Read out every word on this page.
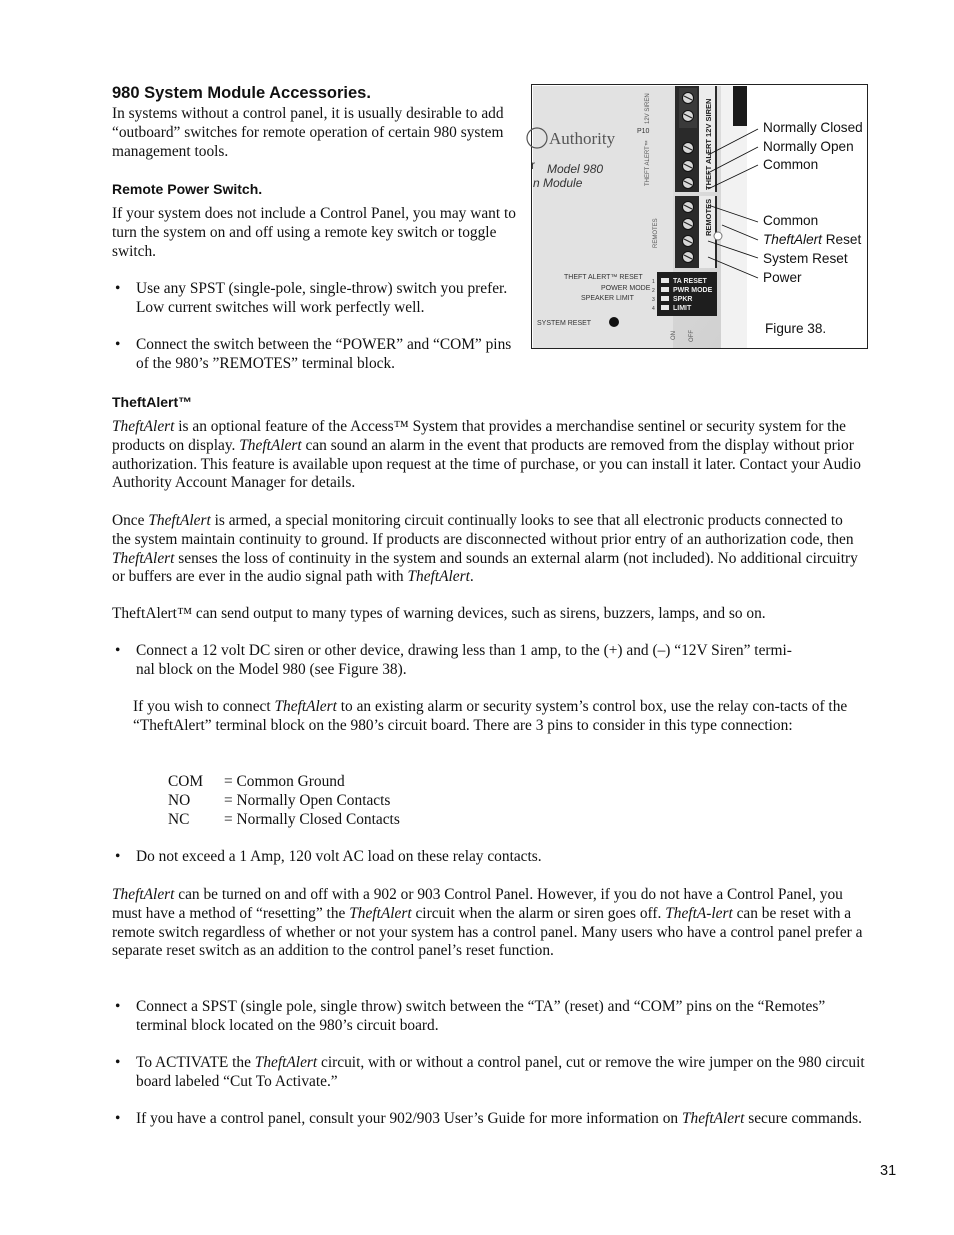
980 System Module Accessories.

In systems without a control panel, it is usually desirable to add “outboard” switches for remote operation of certain 980 system management tools.

Remote Power Switch.

If your system does not include a Control Panel, you may want to turn the system on and off using a remote key switch or toggle switch.

• Use any SPST (single-pole, single-throw) switch you prefer. Low current switches will work perfectly well.

• Connect the switch between the “POWER” and “COM” pins of the 980’s ”REMOTES” terminal block.

Authority
Model 980
n Module
r
12V SIREN
THEFT ALERT™
REMOTES
P10	THEFT ALERT 12V SIREN
REMOTES
TA RESET
PWR MODE
SPKR
LIMIT
1
2
3
4
THEFT ALERT™ RESET
POWER MODE
SPEAKER LIMIT
SYSTEM RESET
ON OFF
Normally Closed
Normally Open
Common
Common
TheftAlert Reset
System Reset
Power
Figure 38.
TheftAlert™

TheftAlert is an optional feature of the Access™ System that provides a merchandise sentinel or security system for the products on display. TheftAlert can sound an alarm in the event that products are removed from the display without prior authorization. This feature is available upon request at the time of purchase, or you can install it later. Contact your Audio Authority Account Manager for details.

Once TheftAlert is armed, a special monitoring circuit continually looks to see that all electronic products connected to the system maintain continuity to ground. If products are disconnected without prior entry of an authorization code, then TheftAlert senses the loss of continuity in the system and sounds an external alarm (not included). No additional circuitry or buffers are ever in the audio signal path with TheftAlert.

TheftAlert™ can send output to many types of warning devices, such as sirens, buzzers, lamps, and so on.

• Connect a 12 volt DC siren or other device, drawing less than 1 amp, to the (+) and (–) “12V Siren” termi-
nal block on the Model 980 (see Figure 38).

If you wish to connect TheftAlert to an existing alarm or security system’s control box, use the relay con-tacts of the “TheftAlert” terminal block on the 980’s circuit board. There are 3 pins to consider in this type connection:

COM = Common Ground
NO = Normally Open Contacts
NC = Normally Closed Contacts
• Do not exceed a 1 Amp, 120 volt AC load on these relay contacts.

TheftAlert can be turned on and off with a 902 or 903 Control Panel. However, if you do not have a Control Panel, you must have a method of “resetting” the TheftAlert circuit when the alarm or siren goes off. TheftA-lert can be reset with a remote switch regardless of whether or not your system has a control panel. Many users who have a control panel prefer a separate reset switch as an addition to the control panel’s reset function.

• Connect a SPST (single pole, single throw) switch between the “TA” (reset) and “COM” pins on the “Remotes” terminal block located on the 980’s circuit board.

• To ACTIVATE the TheftAlert circuit, with or without a control panel, cut or remove the wire jumper on the 980 circuit board labeled “Cut To Activate.”

• If you have a control panel, consult your 902/903 User’s Guide for more information on TheftAlert secure commands.

31
